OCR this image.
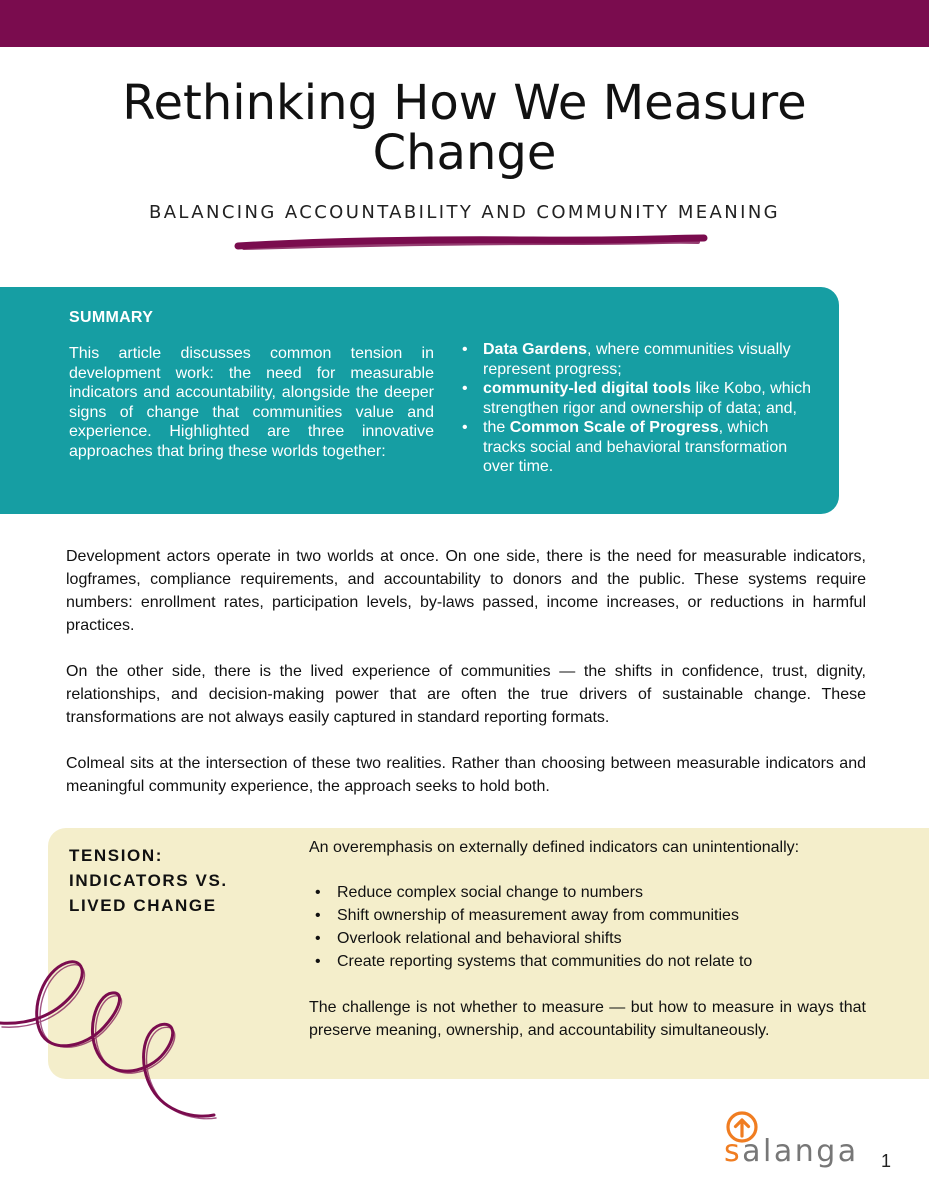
Rethinking How We Measure Change
BALANCING ACCOUNTABILITY AND COMMUNITY MEANING
SUMMARY

This article discusses common tension in development work: the need for measurable indicators and accountability, alongside the deeper signs of change that communities value and experience. Highlighted are three innovative approaches that bring these worlds together:

• Data Gardens, where communities visually represent progress;
• community-led digital tools like Kobo, which strengthen rigor and ownership of data; and,
• the Common Scale of Progress, which tracks social and behavioral transformation over time.

Development actors operate in two worlds at once. On one side, there is the need for measurable indicators, logframes, compliance requirements, and accountability to donors and the public. These systems require numbers: enrollment rates, participation levels, by-laws passed, income increases, or reductions in harmful practices.

On the other side, there is the lived experience of communities — the shifts in confidence, trust, dignity, relationships, and decision-making power that are often the true drivers of sustainable change. These transformations are not always easily captured in standard reporting formats.

Colmeal sits at the intersection of these two realities. Rather than choosing between measurable indicators and meaningful community experience, the approach seeks to hold both.

TENSION:
INDICATORS VS.
LIVED CHANGE
An overemphasis on externally defined indicators can unintentionally:
• Reduce complex social change to numbers
• Shift ownership of measurement away from communities
• Overlook relational and behavioral shifts
• Create reporting systems that communities do not relate to

The challenge is not whether to measure — but how to measure in ways that preserve meaning, ownership, and accountability simultaneously.

salanga 1
